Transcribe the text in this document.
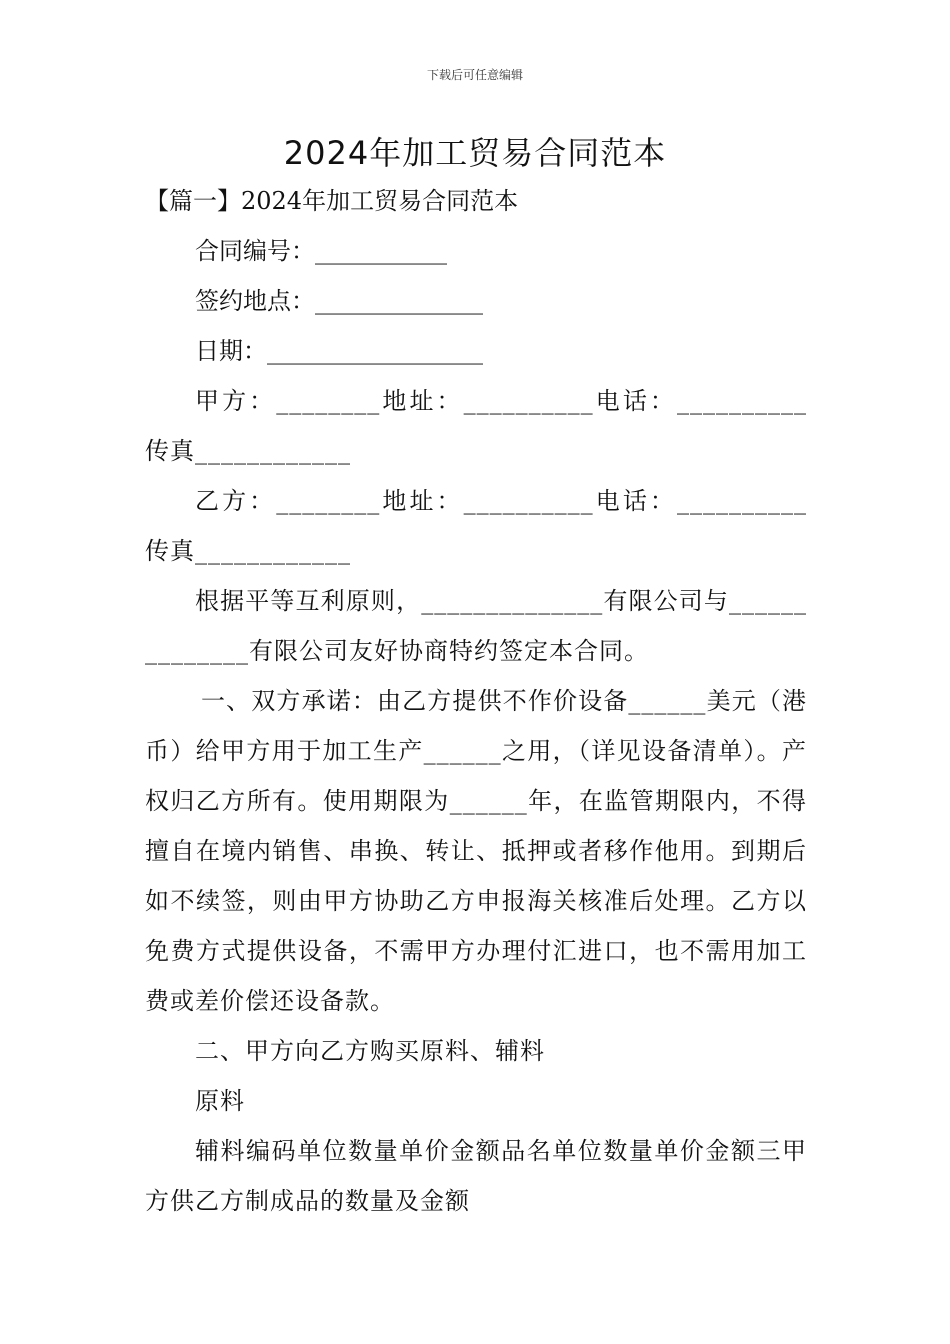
下载后可任意编辑
2024年加工贸易合同范本

【篇一】2024年加工贸易合同范本

合同编号：___________

签约地点：______________

日期：__________________

甲方：________地址：__________电话：__________传真____________

乙方：________地址：__________电话：__________传真____________

根据平等互利原则，______________有限公司与______________有限公司友好协商特约签定本合同。

一、双方承诺：由乙方提供不作价设备______美元（港币）给甲方用于加工生产______之用，（详见设备清单）。产权归乙方所有。使用期限为______年，在监管期限内，不得擅自在境内销售、串换、转让、抵押或者移作他用。到期后如不续签，则由甲方协助乙方申报海关核准后处理。乙方以免费方式提供设备，不需甲方办理付汇进口，也不需用加工费或差价偿还设备款。

二、甲方向乙方购买原料、辅料

原料

辅料编码单位数量单价金额品名单位数量单价金额三甲方供乙方制成品的数量及金额
